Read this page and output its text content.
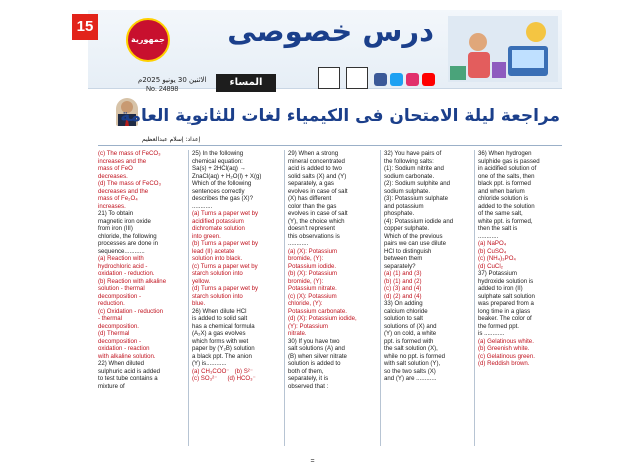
جمهورية درس خصوصى
15
الاثنين 30 يونيو 2025م
No. 24898
المساء
إعداد: إسلام عبدالعظيم
مراجعة ليلة الامتحان فى الكيمياء لغات للثانوية العامة
(c) The mass of FeCO₃
increases and the
mass of FeO
decreases.
(d) The mass of FeCO₃
decreases and the
mass of Fe₂O₄
increases.
21) To obtain
magnetic iron oxide
from iron (III)
chloride, the following
processes are done in
sequence............
(a) Reaction with
hydrochloric acid -
oxidation - reduction.
(b) Reaction with alkaline
solution - thermal
decomposition -
reduction.
(c) Oxidation - reduction
- thermal
decomposition.
(d) Thermal
decomposition -
oxidation - reaction
with alkaline solution.
22) When diluted
sulphuric acid is added
to test tube contains a
mixture of
25) In the following
chemical equation:
Sa(s) + 2HCl(aq) →
ZnaCl(aq) + H₂O(l) + X(g)
Which of the following
sentences correctly
describes the gas (X)?
............
(a) Turns a paper wet by
acidified potassium
dichromate solution
into green.
(b) Turns a paper wet by
lead (II) acetate
solution into black.
(c) Turns a paper wet by
starch solution into
yellow.
(d) Turns a paper wet by
starch solution into
blue.
26) When dilute HCl
is added to solid salt
has a chemical formula
(A₂X) a gas evolves
which forms with wet
paper by (Y₂B) solution
a black ppt. The anion
(Y) is............
(a) CH₃COO⁻   (b) S²⁻
(c) SO₃²⁻      (d) HCO₃⁻
29) When a strong
mineral concentrated
acid is added to two
solid salts (X) and (Y)
separately, a gas
evolves in case of salt
(X) has different
color than the gas
evolves in case of salt
(Y), the choice which
doesn't represent
this observations is
............
(a) (X): Potassium
bromide, (Y):
Potassium iodide.
(b) (X): Potassium
bromide, (Y):
Potassium nitrate.
(c) (X): Potassium
chloride, (Y):
Potassium carbonate.
(d) (X): Potassium iodide,
(Y): Potassium
nitrate.
30) If you have two
salt solutions (A) and
(B) when silver nitrate
solution is added to
both of them,
separately, it is
observed that :
32) You have pairs of
the following salts:
(1): Sodium nitrite and
sodium carbonate.
(2): Sodium sulphite and
sodium sulphate.
(3): Potassium sulphate
and potassium
phosphate.
(4): Potassium iodide and
copper sulphate.
Which of the previous
pairs we can use dilute
HCl to distinguish
between them
separately?
(a) (1) and (3)
(b) (1) and (2)
(c) (3) and (4)
(d) (2) and (4)
33) On adding
calcium chloride
solution to salt
solutions of (X) and
(Y) on cold, a white
ppt. is formed with
the salt solution (X),
while no ppt. is formed
with salt solution (Y),
so the two salts (X)
and (Y) are ............
36) When hydrogen
sulphide gas is passed
in acidified solution of
one of the salts, then
black ppt. is formed
and when barium
chloride solution is
added to the solution
of the same salt,
white ppt. is formed,
then the salt is
............
(a) NaPO₄
(b) CuSO₄
(c) (NH₄)₃PO₄
(d) CuCl₂
37) Potassium
hydroxide solution is
added to iron (II)
sulphate salt solution
was prepared from a
long time in a glass
beaker. The color of
the formed ppt.
is ............
(a) Gelatinous white.
(b) Greenish white.
(c) Gelatinous green.
(d) Reddish brown.
=
